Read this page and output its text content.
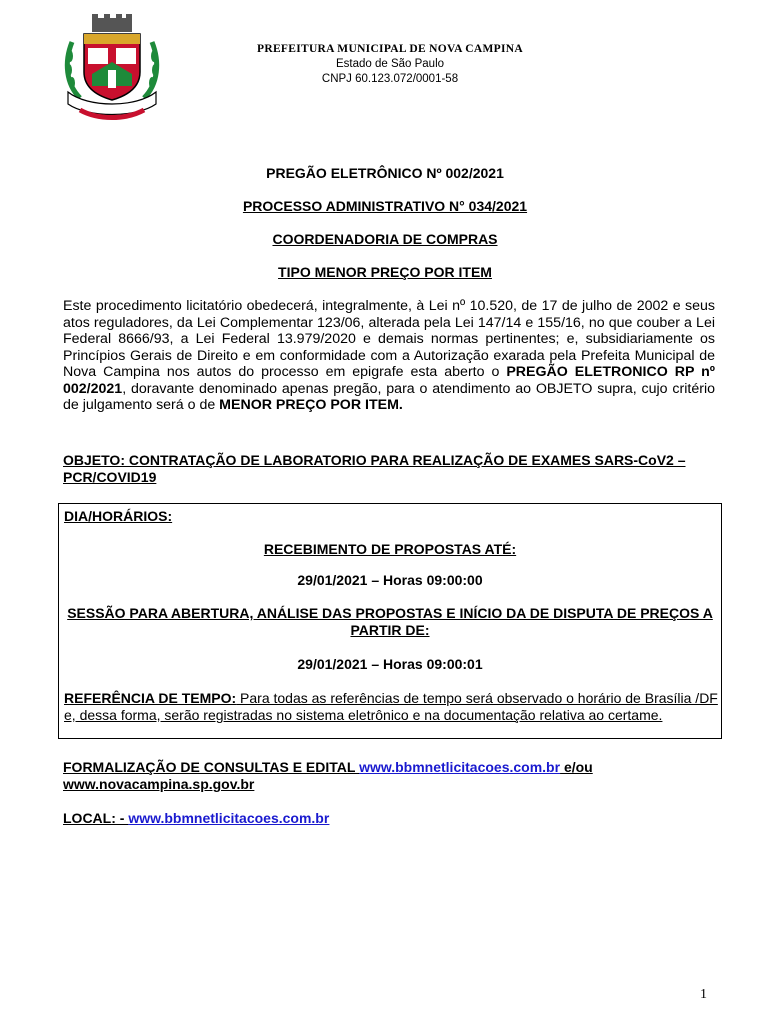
PREFEITURA MUNICIPAL DE NOVA CAMPINA
Estado de São Paulo
CNPJ 60.123.072/0001-58
PREGÃO ELETRÔNICO Nº 002/2021
PROCESSO ADMINISTRATIVO N° 034/2021
COORDENADORIA DE COMPRAS
TIPO MENOR PREÇO POR ITEM
Este procedimento licitatório obedecerá, integralmente, à Lei nº 10.520, de 17 de julho de 2002 e seus atos reguladores, da Lei Complementar 123/06, alterada pela Lei 147/14 e 155/16, no que couber a Lei Federal 8666/93, a Lei Federal 13.979/2020 e demais normas pertinentes; e, subsidiariamente os Princípios Gerais de Direito e em conformidade com a Autorização exarada pela Prefeita Municipal de Nova Campina nos autos do processo em epigrafe esta aberto o PREGÃO ELETRONICO RP nº 002/2021, doravante denominado apenas pregão, para o atendimento ao OBJETO supra, cujo critério de julgamento será o de MENOR PREÇO POR ITEM.
OBJETO: CONTRATAÇÃO DE LABORATORIO PARA REALIZAÇÃO DE EXAMES SARS-CoV2 – PCR/COVID19
DIA/HORÁRIOS:
RECEBIMENTO DE PROPOSTAS ATÉ:
29/01/2021 – Horas 09:00:00
SESSÃO PARA ABERTURA, ANÁLISE DAS PROPOSTAS E INÍCIO DA DE DISPUTA DE PREÇOS A PARTIR DE:
29/01/2021 – Horas 09:00:01
REFERÊNCIA DE TEMPO: Para todas as referências de tempo será observado o horário de Brasília /DF e, dessa forma, serão registradas no sistema eletrônico e na documentação relativa ao certame.
FORMALIZAÇÃO DE CONSULTAS E EDITAL www.bbmnetlicitacoes.com.br e/ou
www.novacampina.sp.gov.br
LOCAL: - www.bbmnetlicitacoes.com.br
1
